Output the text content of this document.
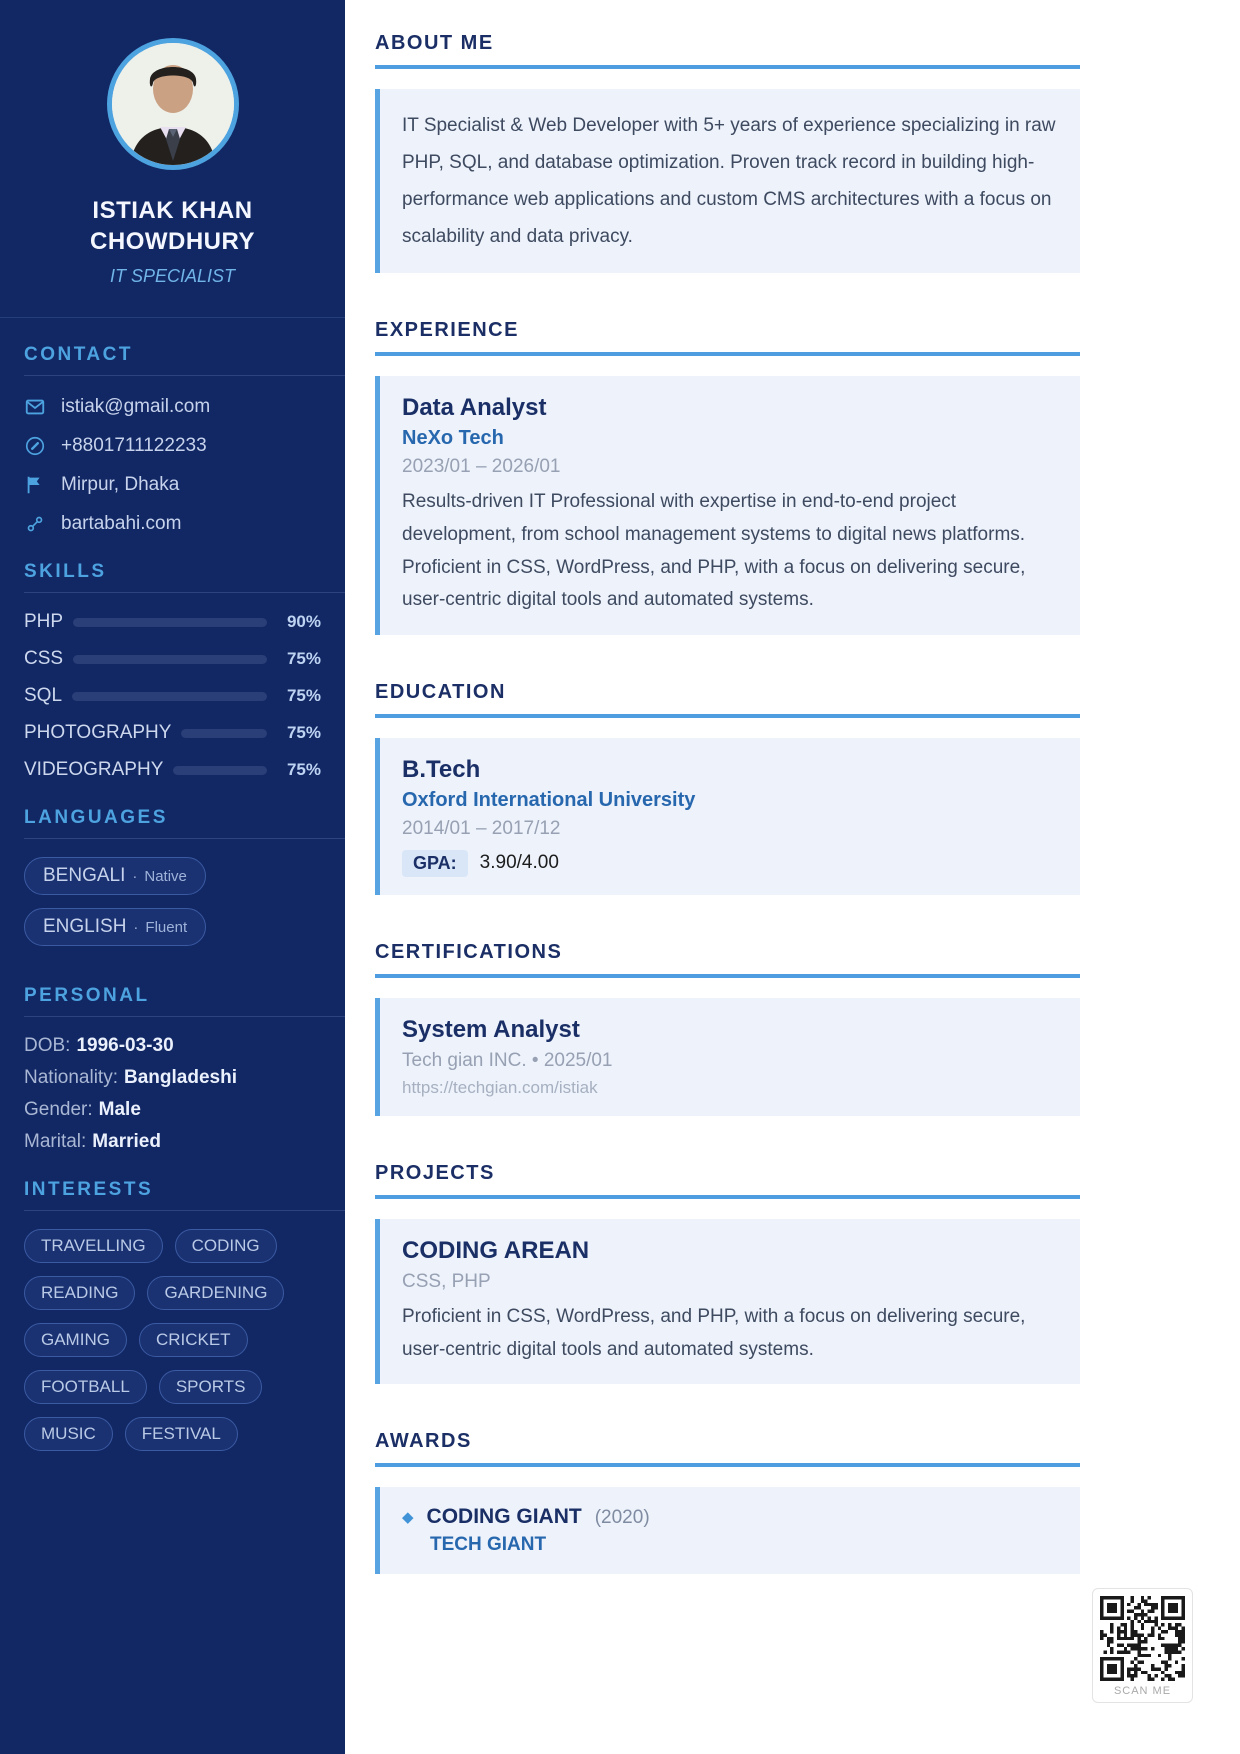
ISTIAK KHAN CHOWDHURY
IT SPECIALIST
CONTACT
istiak@gmail.com
+8801711122233
Mirpur, Dhaka
bartabahi.com
SKILLS
PHP	90%
CSS	75%
SQL	75%
PHOTOGRAPHY	75%
VIDEOGRAPHY	75%
LANGUAGES
BENGALI · Native
ENGLISH · Fluent
PERSONAL
DOB: 1996-03-30
Nationality: Bangladeshi
Gender: Male
Marital: Married
INTERESTS
TRAVELLING	CODING
READING	GARDENING
GAMING	CRICKET
FOOTBALL	SPORTS
MUSIC	FESTIVAL
ABOUT ME

IT Specialist & Web Developer with 5+ years of experience specializing in raw PHP, SQL, and database optimization. Proven track record in building high-performance web applications and custom CMS architectures with a focus on scalability and data privacy.

EXPERIENCE
Data Analyst
NeXo Tech
2023/01 – 2026/01

Results-driven IT Professional with expertise in end-to-end project development, from school management systems to digital news platforms. Proficient in CSS, WordPress, and PHP, with a focus on delivering secure, user-centric digital tools and automated systems.

EDUCATION
B.Tech
Oxford International University
2014/01 – 2017/12
GPA:	3.90/4.00
CERTIFICATIONS
System Analyst
Tech gian INC. • 2025/01
https://techgian.com/istiak
PROJECTS
CODING AREAN
CSS, PHP

Proficient in CSS, WordPress, and PHP, with a focus on delivering secure, user-centric digital tools and automated systems.

AWARDS
◆ CODING GIANT (2020)
TECH GIANT
SCAN ME
